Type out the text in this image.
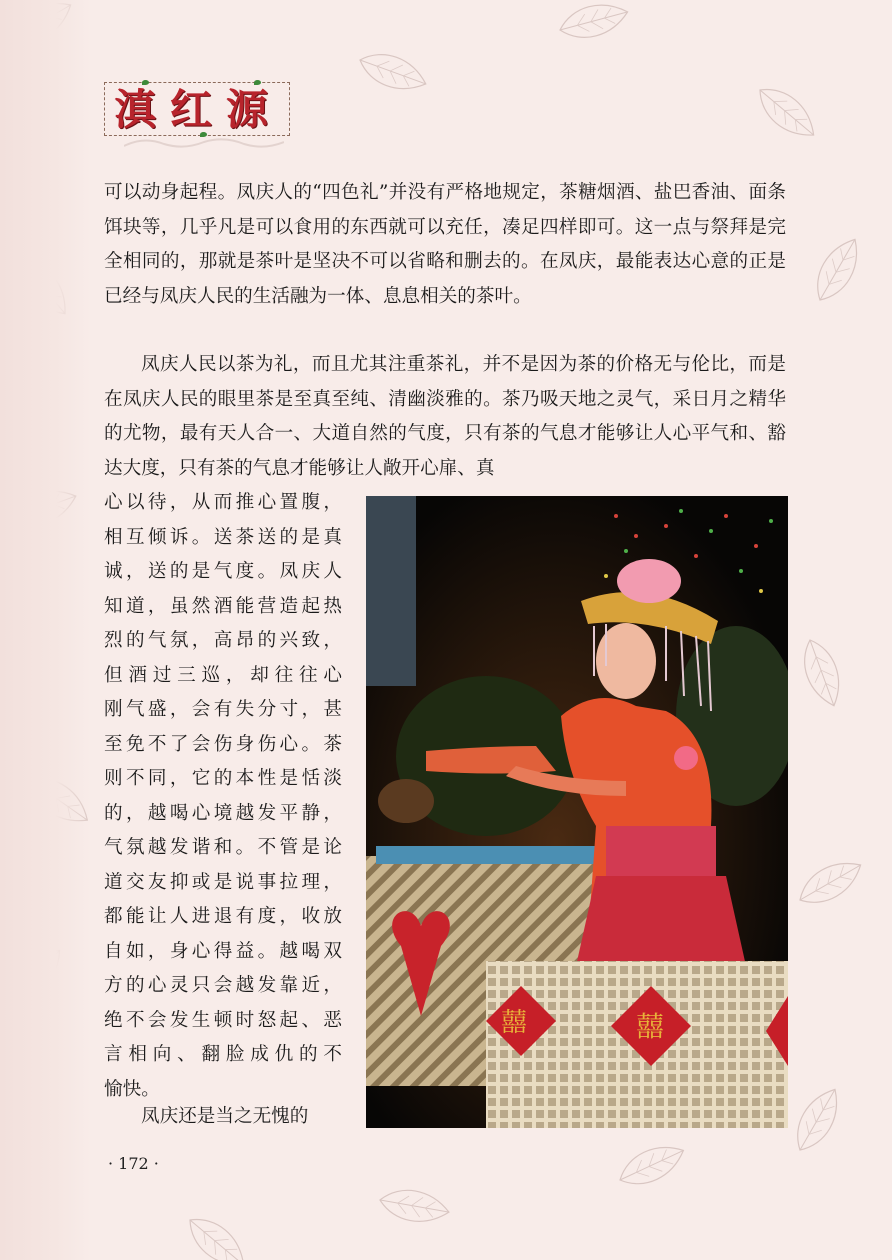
滇红源

可以动身起程。凤庆人的“四色礼”并没有严格地规定，茶糖烟酒、盐巴香油、面条饵块等，几乎凡是可以食用的东西就可以充任，凑足四样即可。这一点与祭拜是完全相同的，那就是茶叶是坚决不可以省略和删去的。在凤庆，最能表达心意的正是已经与凤庆人民的生活融为一体、息息相关的茶叶。

凤庆人民以茶为礼，而且尤其注重茶礼，并不是因为茶的价格无与伦比，而是在凤庆人民的眼里茶是至真至纯、清幽淡雅的。茶乃吸天地之灵气，采日月之精华的尤物，最有天人合一、大道自然的气度，只有茶的气息才能够让人心平气和、豁达大度，只有茶的气息才能够让人敞开心扉、真

心以待，从而推心置腹，
相互倾诉。送茶送的是真
诚，送的是气度。凤庆人
知道，虽然酒能营造起热
烈的气氛，高昂的兴致，
但酒过三巡，却往往心
刚气盛，会有失分寸，甚
至免不了会伤身伤心。茶
则不同，它的本性是恬淡
的，越喝心境越发平静，
气氛越发谐和。不管是论
道交友抑或是说事拉理，
都能让人进退有度，收放
自如，身心得益。越喝双
方的心灵只会越发靠近，
绝不会发生顿时怒起、恶
言相向、翻脸成仇的不
愉快。

凤庆还是当之无愧的

囍	囍
· 172 ·
